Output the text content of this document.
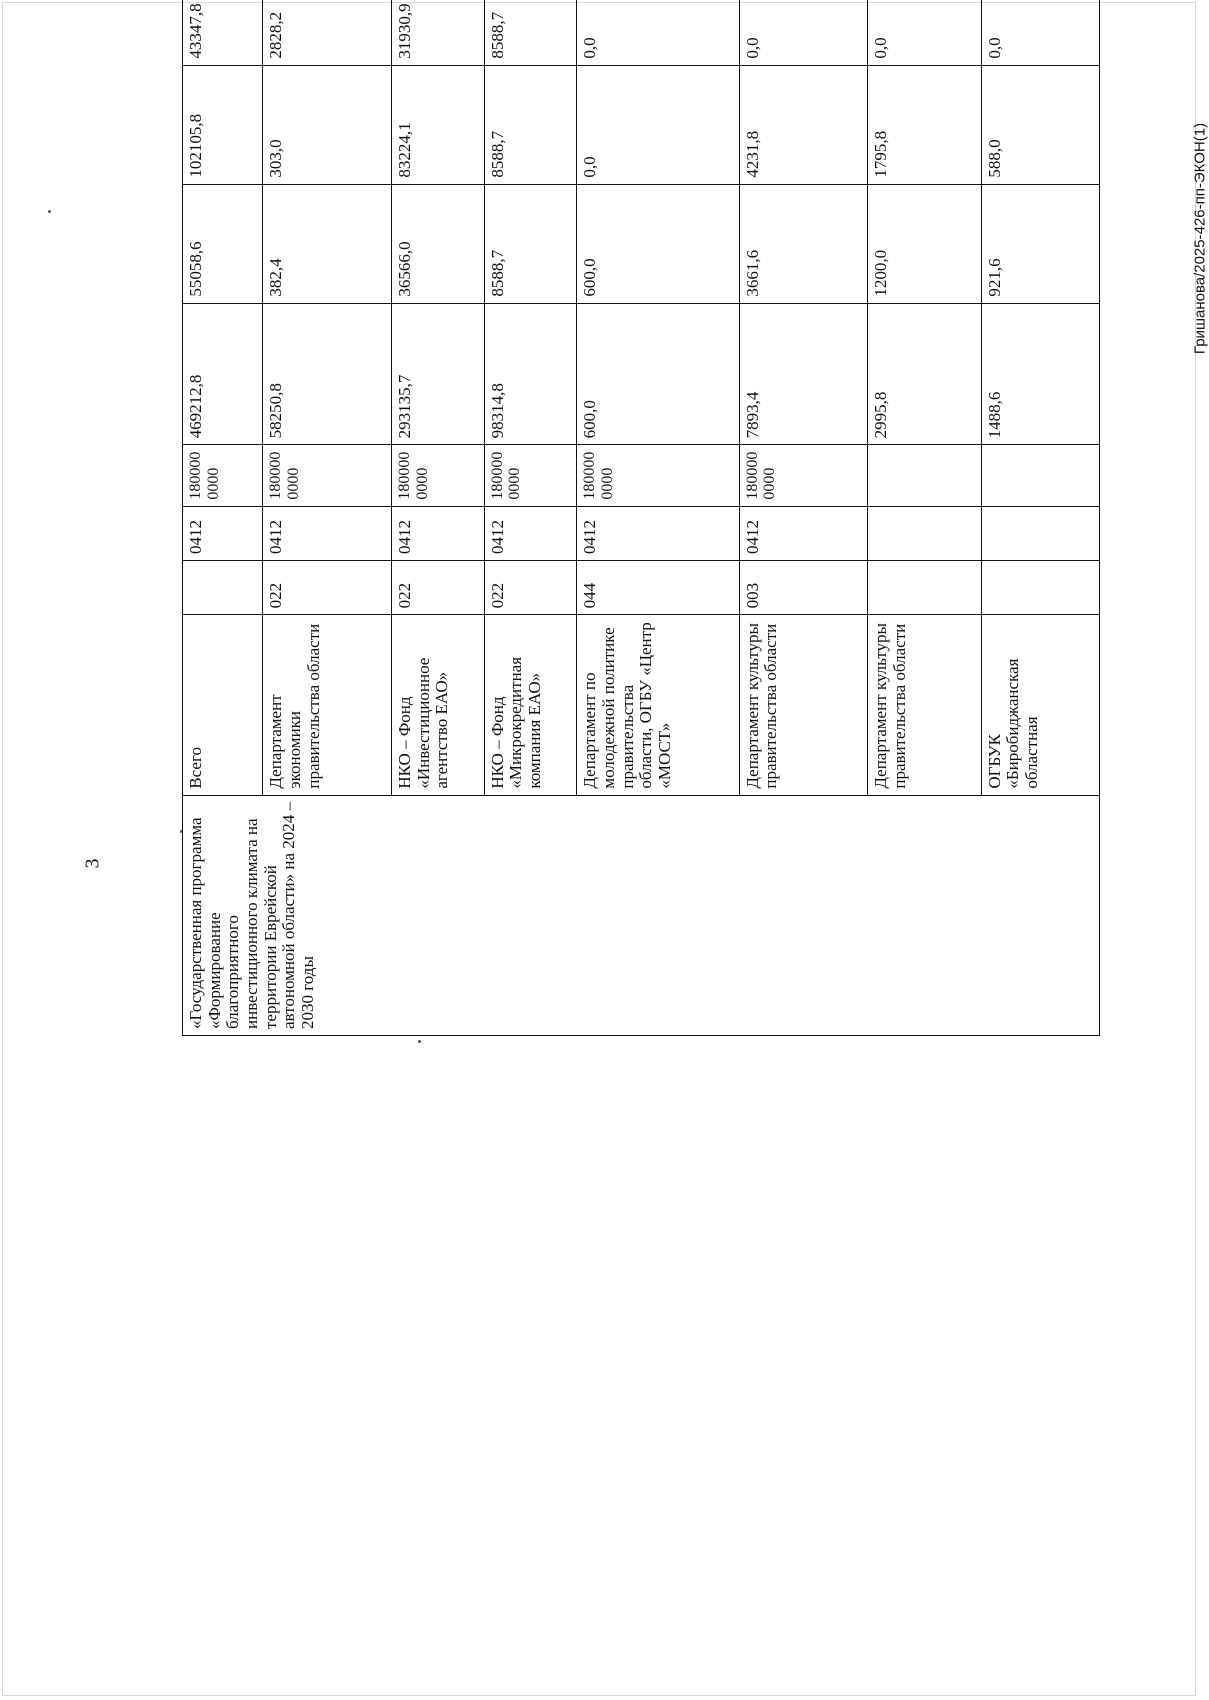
3
Гришанова/2025-426-пп-ЭКОН(1)
«Государственная программа «Формирование благоприятного инвестиционного климата на территории Еврейской автономной области» на 2024 – 2030 годы	Всего		0412	1800000000	469212,8	55058,6	102105,8	43347,8				
	Департамент экономики правительства области	022	0412	1800000000	58250,8	382,4	303,0	2828,2				
	НКО – Фонд «Инвестиционное агентство ЕАО»	022	0412	1800000000	293135,7	36566,0	83224,1	31930,9				
	НКО – Фонд «Микрокредитная компания ЕАО»	022	0412	1800000000	98314,8	8588,7	8588,7	8588,7				
	Департамент по молодежной политике правительства области, ОГБУ «Центр «МОСТ»	044	0412	1800000000	600,0	600,0	0,0	0,0				
	Департамент культуры правительства области	003	0412	1800000000	7893,4	3661,6	4231,8	0,0				
	Департамент культуры правительства области				2995,8	1200,0	1795,8	0,0				
	ОГБУК «Биробиджанская областная				1488,6	921,6	588,0	0,0				
